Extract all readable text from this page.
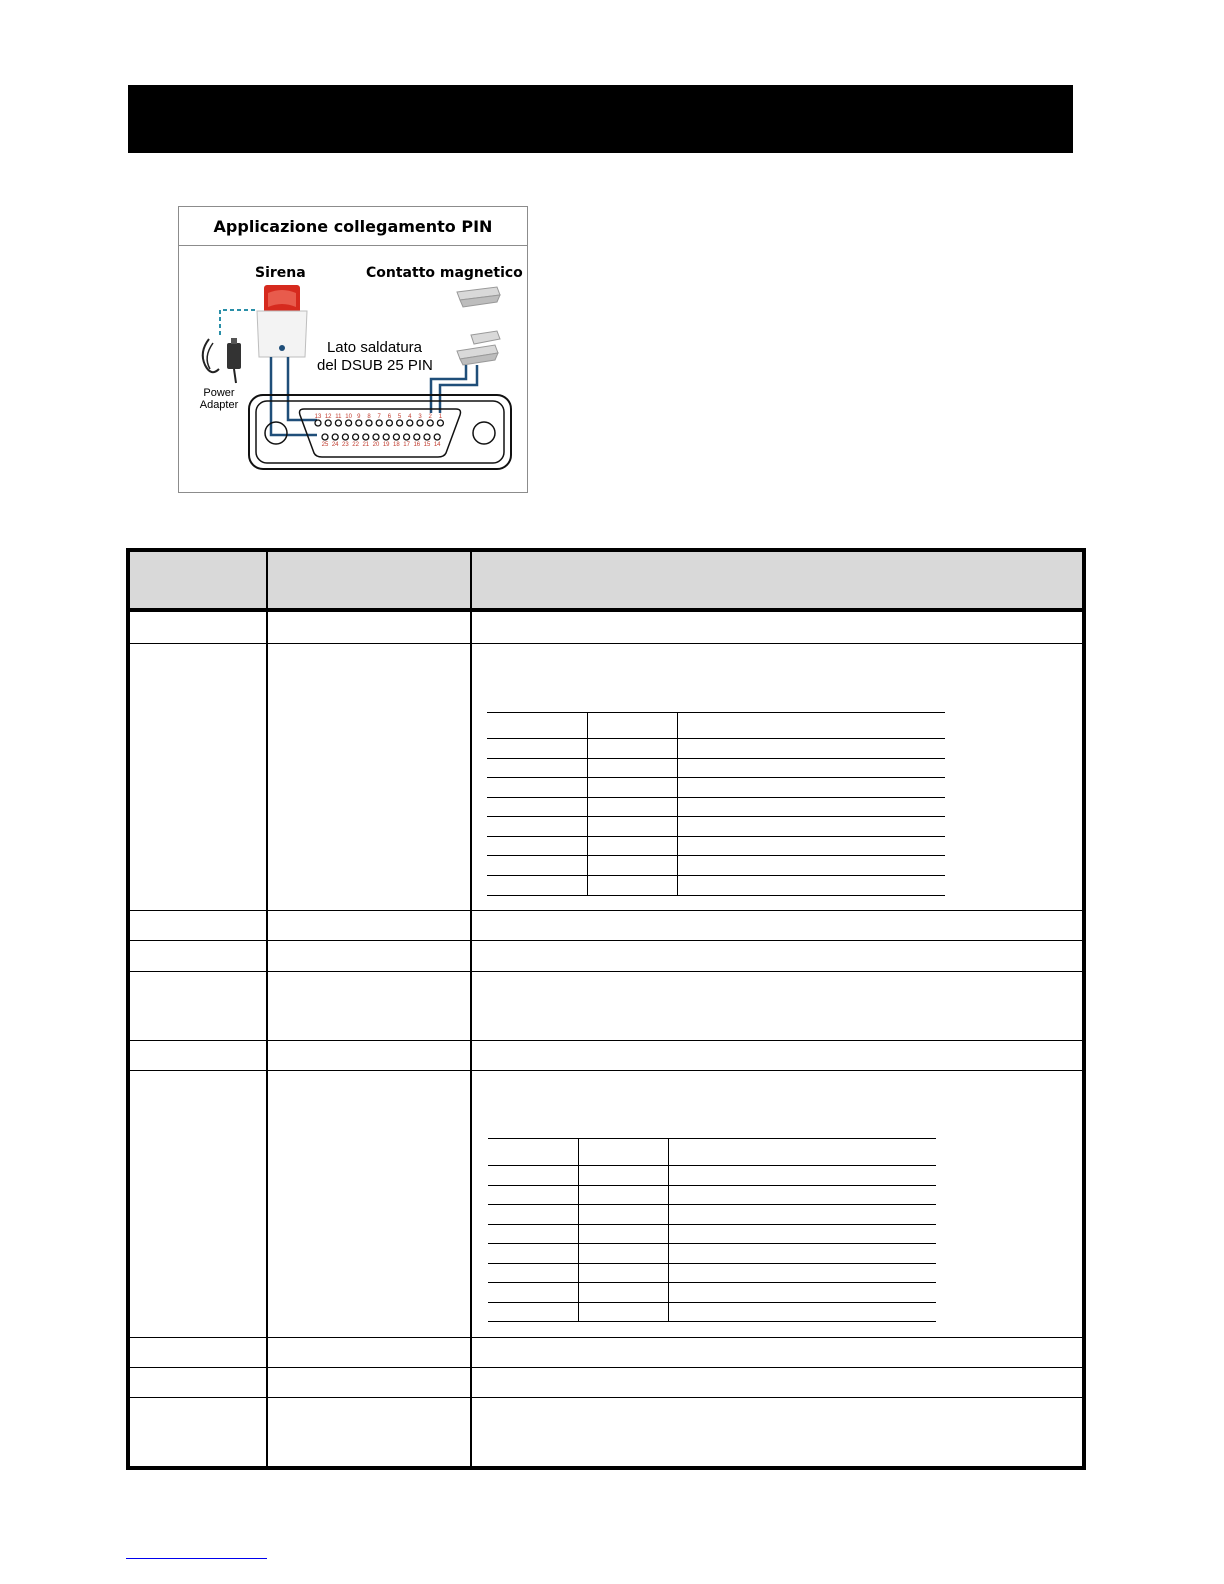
Applicazione collegamento PIN
13 12 11 10 9 8 7 6 5 4 3 2 1
25 24 23 22 21 20 19 18 17 16 15 14
Sirena	Contatto magnetico
Lato saldatura
del DSUB 25 PIN
Power
Adapter
